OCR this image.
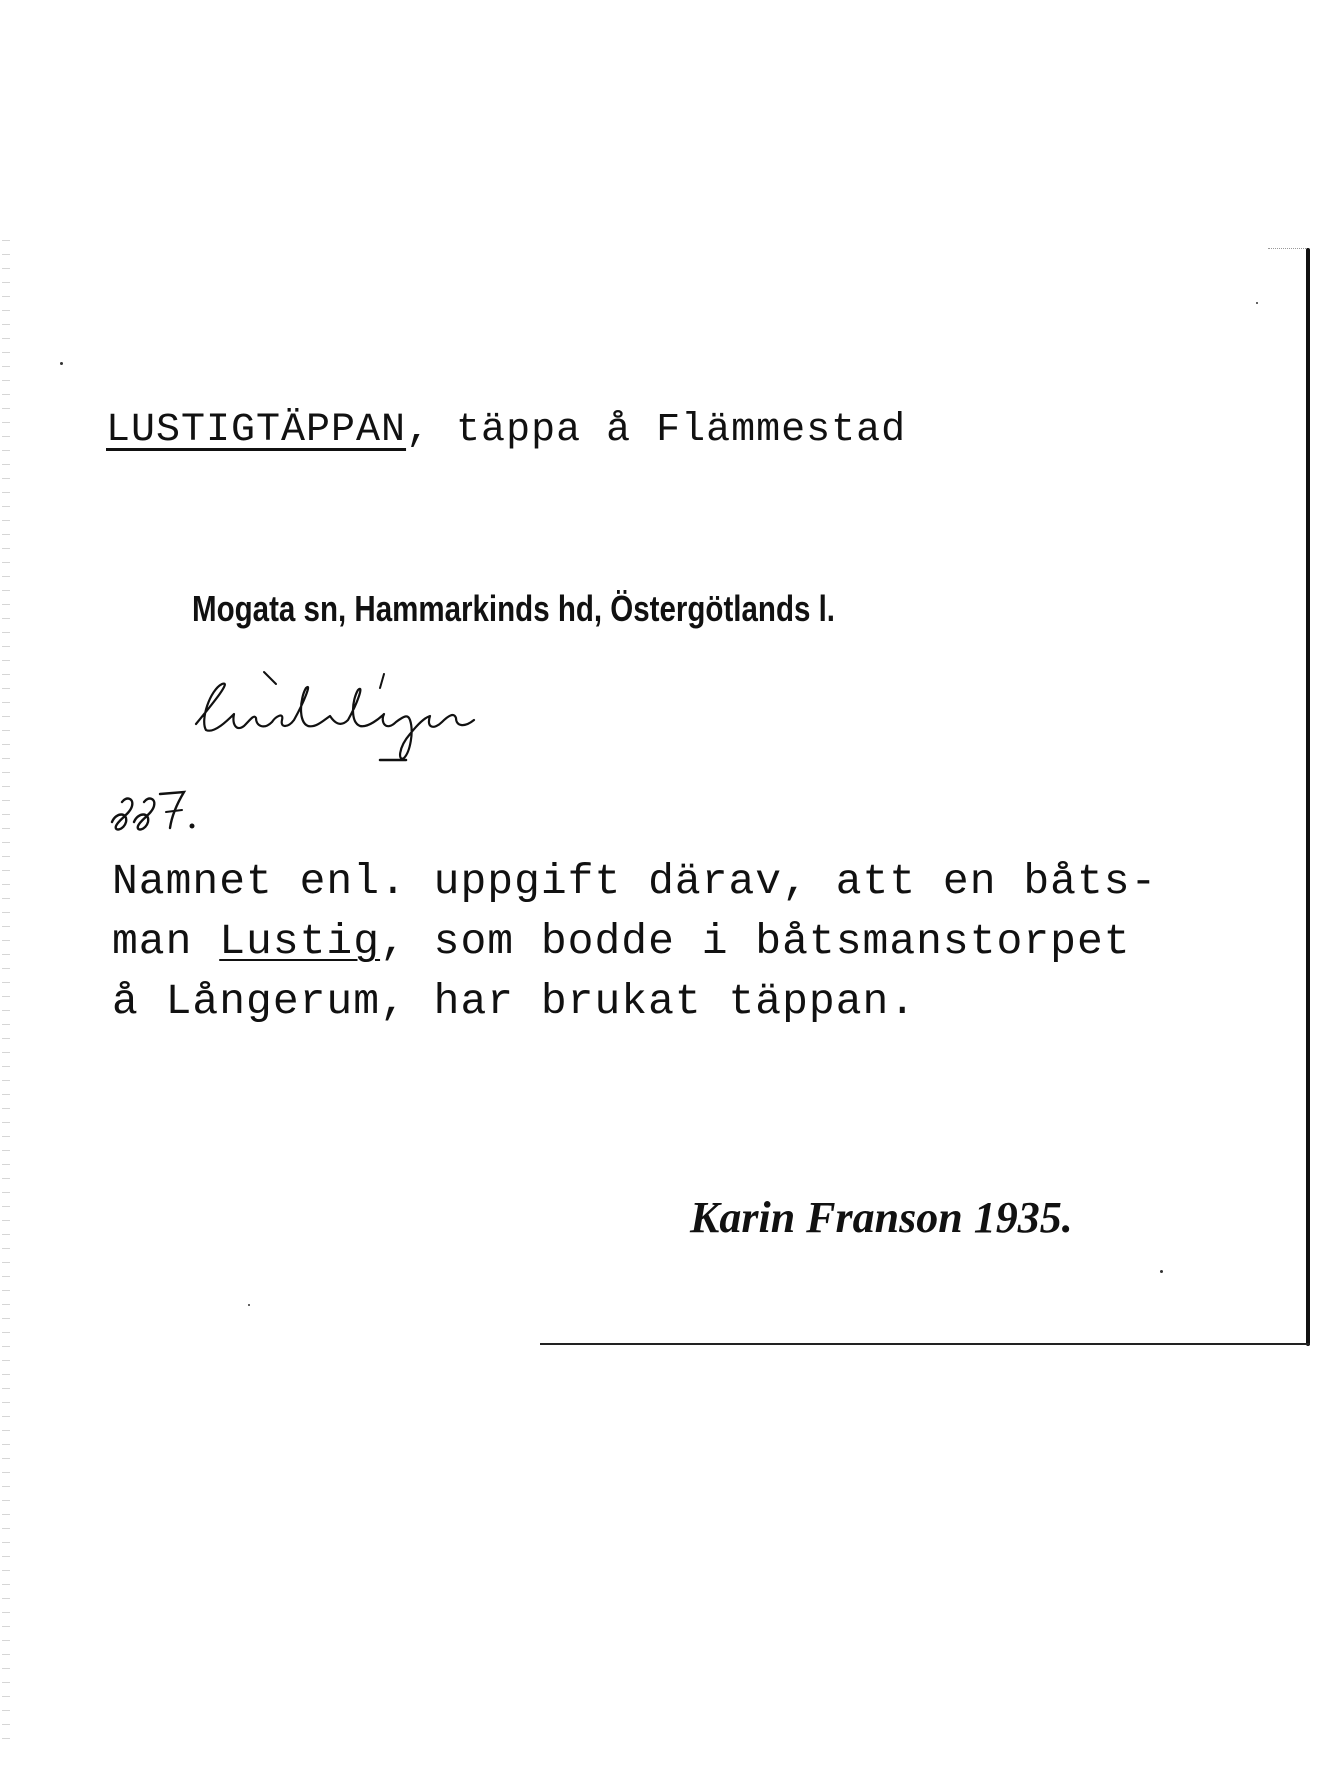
LUSTIGTÄPPAN, täppa å Flämmestad
Mogata sn, Hammarkinds hd, Östergötlands l.
Namnet enl. uppgift därav, att en båts-
man Lustig, som bodde i båtsmanstorpet
å Långerum, har brukat täppan.
Karin Franson 1935.
